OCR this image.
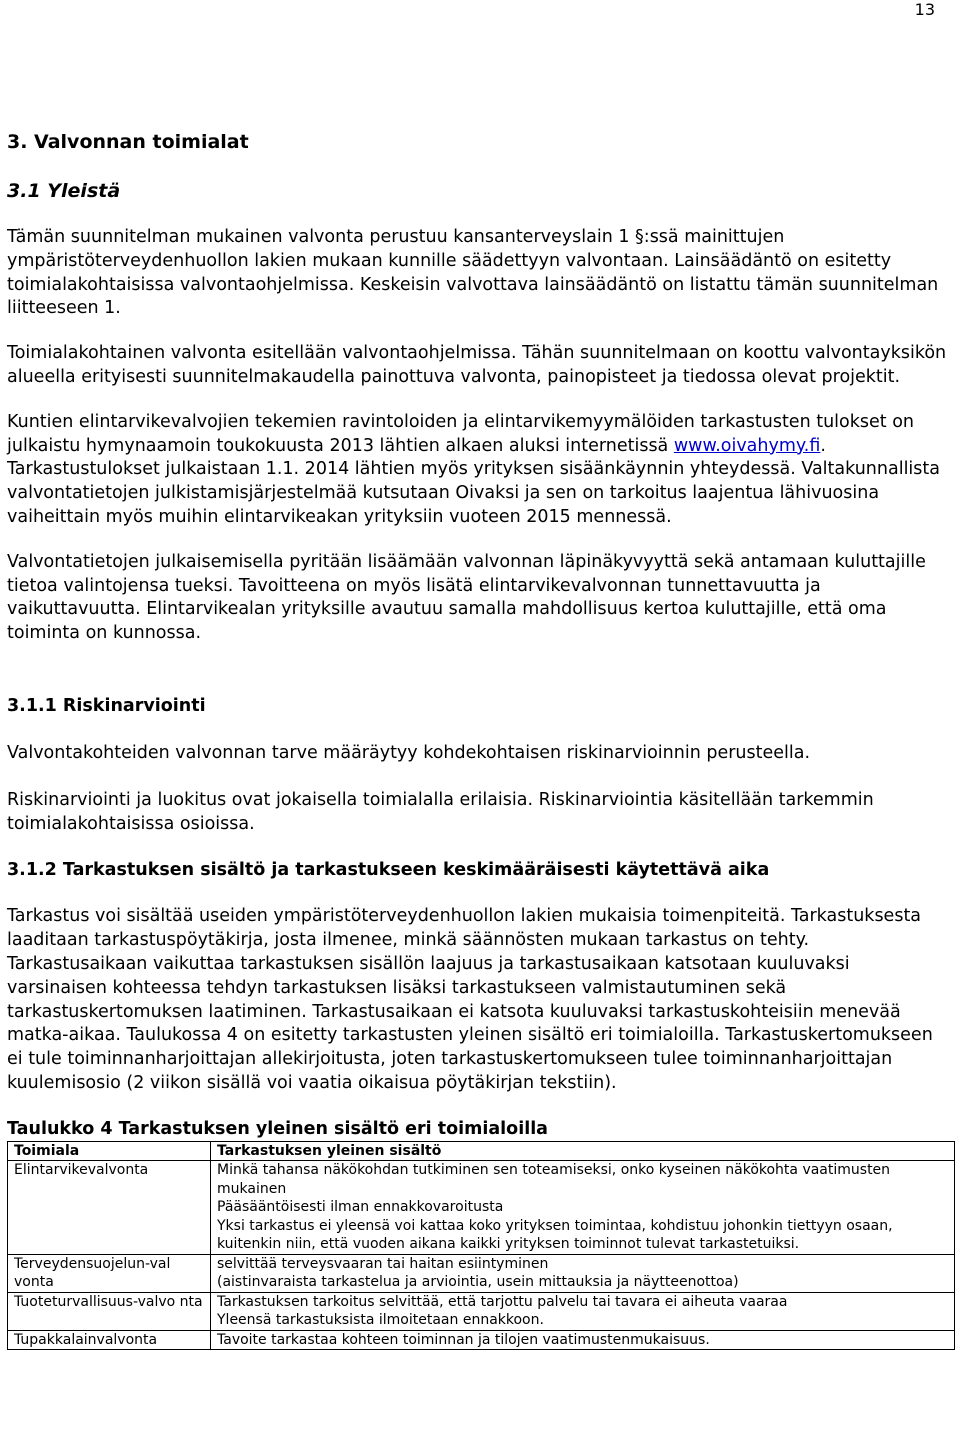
13
3. Valvonnan toimialat
3.1 Yleistä

Tämän suunnitelman mukainen valvonta perustuu kansanterveyslain 1 §:ssä mainittujen ympäristöterveydenhuollon lakien mukaan kunnille säädettyyn valvontaan. Lainsäädäntö on esitetty toimialakohtaisissa valvontaohjelmissa. Keskeisin valvottava lainsäädäntö on listattu tämän suunnitelman liitteeseen 1.

Toimialakohtainen valvonta esitellään valvontaohjelmissa. Tähän suunnitelmaan on koottu valvontayksikön alueella erityisesti suunnitelmakaudella painottuva valvonta, painopisteet ja tiedossa olevat projektit.

Kuntien elintarvikevalvojien tekemien ravintoloiden ja elintarvikemyymälöiden tarkastusten tulokset on julkaistu hymynaamoin toukokuusta 2013 lähtien alkaen aluksi internetissä www.oivahymy.fi. Tarkastustulokset julkaistaan 1.1. 2014 lähtien myös yrityksen sisäänkäynnin yhteydessä. Valtakunnallista valvontatietojen julkistamisjärjestelmää kutsutaan Oivaksi ja sen on tarkoitus laajentua lähivuosina vaiheittain myös muihin elintarvikeakan yrityksiin vuoteen 2015 mennessä.

Valvontatietojen julkaisemisella pyritään lisäämään valvonnan läpinäkyvyyttä sekä antamaan kuluttajille tietoa valintojensa tueksi. Tavoitteena on myös lisätä elintarvikevalvonnan tunnettavuutta ja vaikuttavuutta. Elintarvikealan yrityksille avautuu samalla mahdollisuus kertoa kuluttajille, että oma toiminta on kunnossa.

3.1.1 Riskinarviointi

Valvontakohteiden valvonnan tarve määräytyy kohdekohtaisen riskinarvioinnin perusteella.

Riskinarviointi ja luokitus ovat jokaisella toimialalla erilaisia. Riskinarviointia käsitellään tarkemmin toimialakohtaisissa osioissa.

3.1.2 Tarkastuksen sisältö ja tarkastukseen keskimääräisesti käytettävä aika

Tarkastus voi sisältää useiden ympäristöterveydenhuollon lakien mukaisia toimenpiteitä. Tarkastuksesta laaditaan tarkastuspöytäkirja, josta ilmenee, minkä säännösten mukaan tarkastus on tehty. Tarkastusaikaan vaikuttaa tarkastuksen sisällön laajuus ja tarkastusaikaan katsotaan kuuluvaksi varsinaisen kohteessa tehdyn tarkastuksen lisäksi tarkastukseen valmistautuminen sekä tarkastuskertomuksen laatiminen. Tarkastusaikaan ei katsota kuuluvaksi tarkastuskohteisiin menevää matka-aikaa. Taulukossa 4 on esitetty tarkastusten yleinen sisältö eri toimialoilla. Tarkastuskertomukseen ei tule toiminnanharjoittajan allekirjoitusta, joten tarkastuskertomukseen tulee toiminnanharjoittajan kuulemisosio (2 viikon sisällä voi vaatia oikaisua pöytäkirjan tekstiin).

Taulukko 4 Tarkastuksen yleinen sisältö eri toimialoilla
Toimiala	Tarkastuksen yleinen sisältö
Elintarvikevalvonta	Minkä tahansa näkökohdan tutkiminen sen toteamiseksi, onko kyseinen näkökohta vaatimusten mukainen
Pääsääntöisesti ilman ennakkovaroitusta
Yksi tarkastus ei yleensä voi kattaa koko yrityksen toimintaa, kohdistuu johonkin tiettyyn osaan, kuitenkin niin, että vuoden aikana kaikki yrityksen toiminnot tulevat tarkastetuiksi.

Terveydensuojelun-val vonta	selvittää terveysvaaran tai haitan esiintyminen
(aistinvaraista tarkastelua ja arviointia, usein mittauksia ja näytteenottoa)

Tuoteturvallisuus-valvo nta	Tarkastuksen tarkoitus selvittää, että tarjottu palvelu tai tavara ei aiheuta vaaraa
Yleensä tarkastuksista ilmoitetaan ennakkoon.

Tupakkalainvalvonta	Tavoite tarkastaa kohteen toiminnan ja tilojen vaatimustenmukaisuus.
